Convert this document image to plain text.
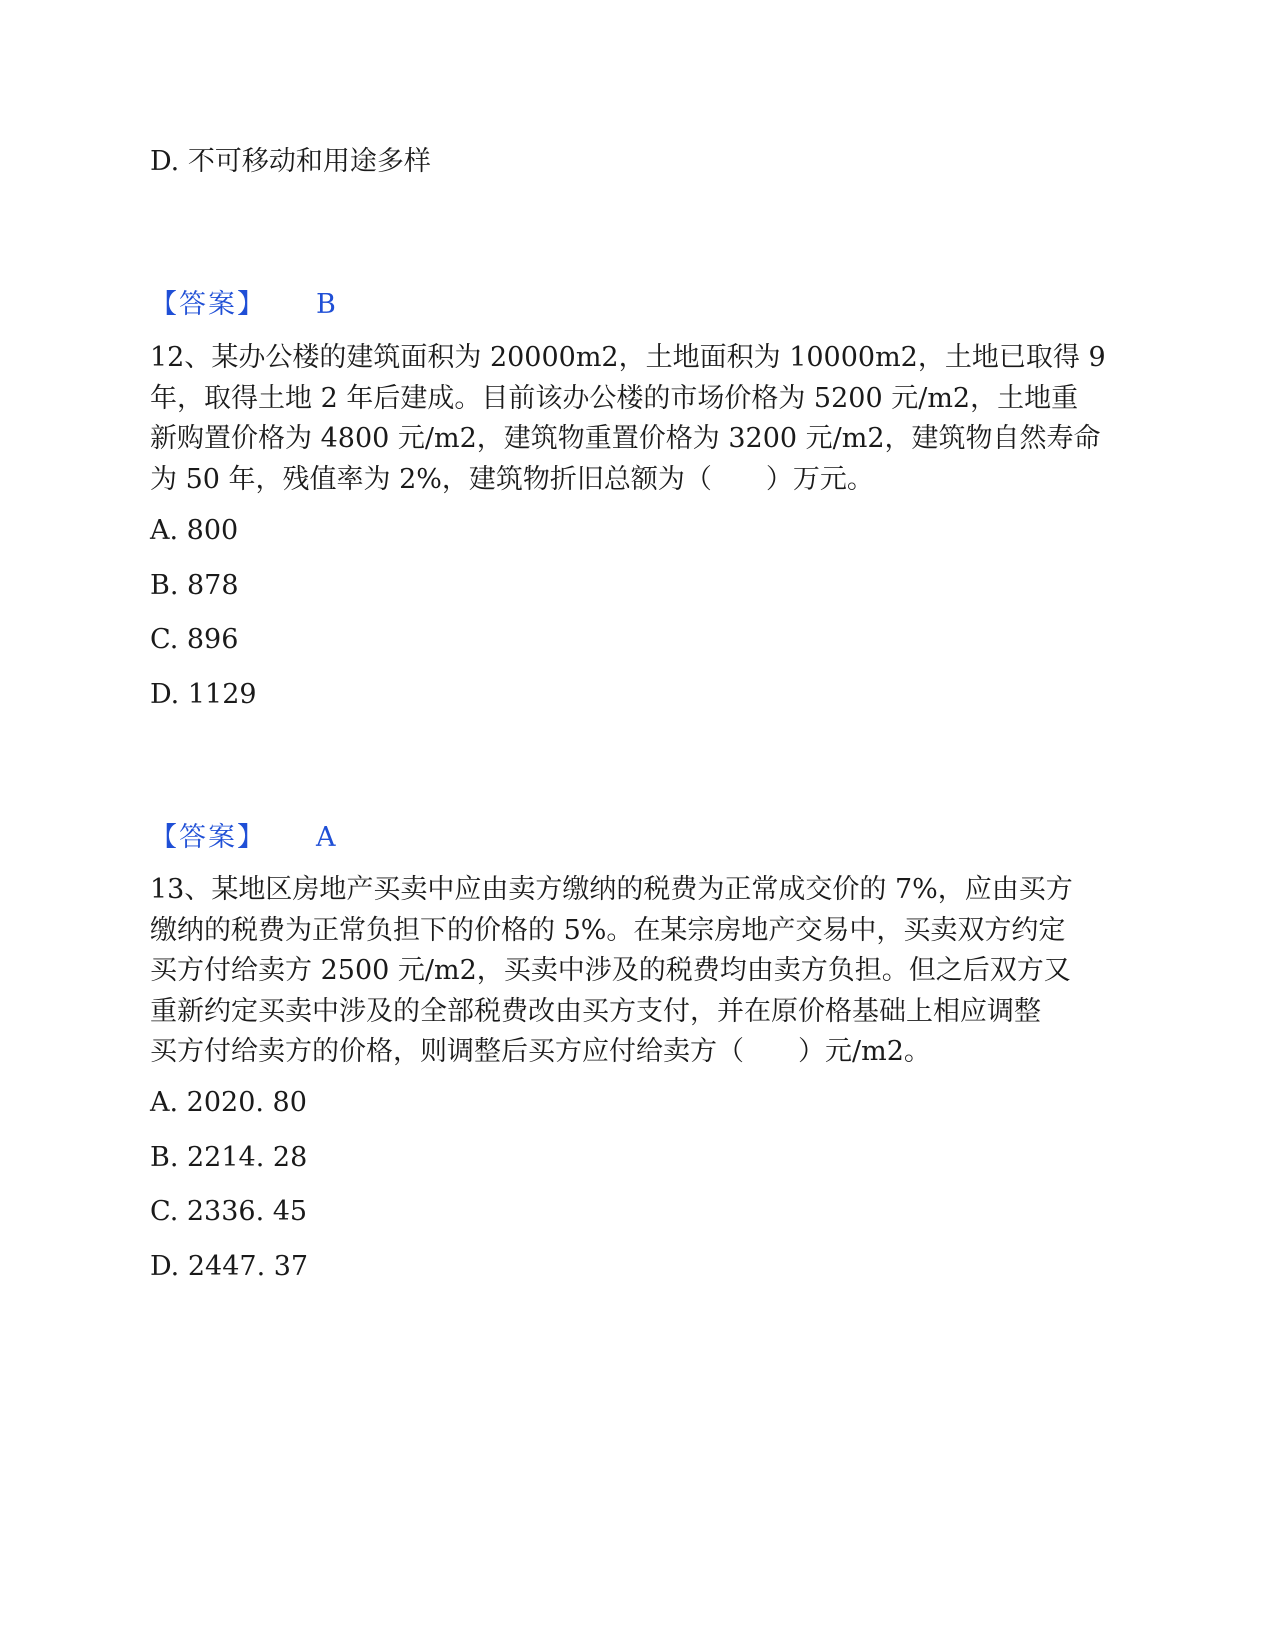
D. 不可移动和用途多样
【答案】 B

12、某办公楼的建筑面积为 20000m2，土地面积为 10000m2，土地已取得 9
年，取得土地 2 年后建成。目前该办公楼的市场价格为 5200 元/m2，土地重
新购置价格为 4800 元/m2，建筑物重置价格为 3200 元/m2，建筑物自然寿命
为 50 年，残值率为 2%，建筑物折旧总额为（　　）万元。

A. 800
B. 878
C. 896
D. 1129
【答案】 A

13、某地区房地产买卖中应由卖方缴纳的税费为正常成交价的 7%，应由买方
缴纳的税费为正常负担下的价格的 5%。在某宗房地产交易中，买卖双方约定
买方付给卖方 2500 元/m2，买卖中涉及的税费均由卖方负担。但之后双方又
重新约定买卖中涉及的全部税费改由买方支付，并在原价格基础上相应调整
买方付给卖方的价格，则调整后买方应付给卖方（　　）元/m2。

A. 2020. 80
B. 2214. 28
C. 2336. 45
D. 2447. 37
